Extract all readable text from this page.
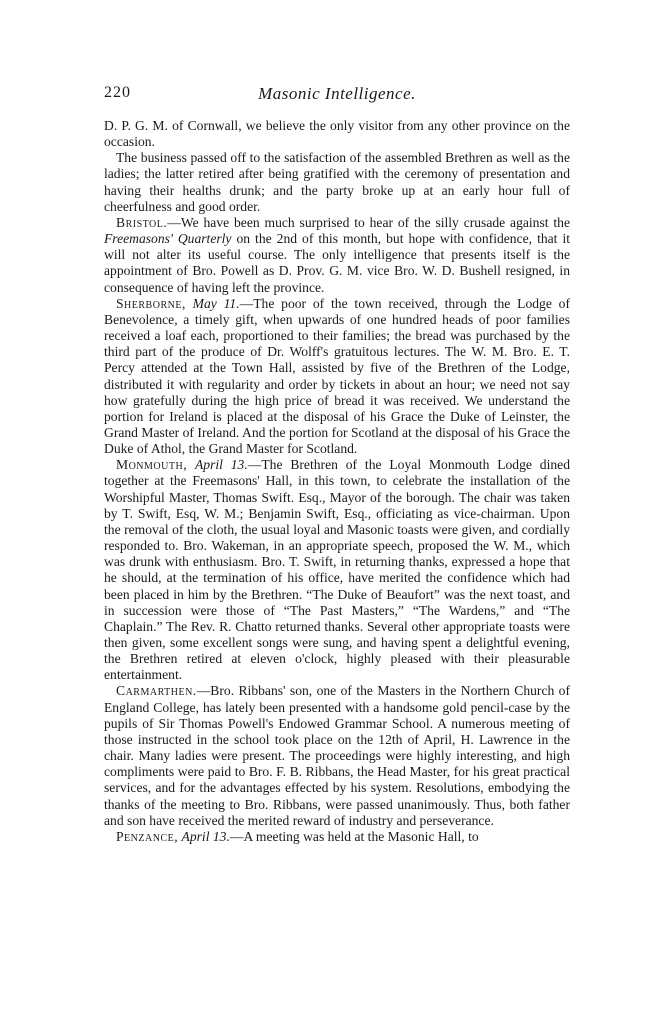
220	Masonic Intelligence.

D. P. G. M. of Cornwall, we believe the only visitor from any other province on the occasion.

The business passed off to the satisfaction of the assembled Brethren as well as the ladies; the latter retired after being gratified with the ceremony of presentation and having their healths drunk; and the party broke up at an early hour full of cheerfulness and good order.

Bristol.—We have been much surprised to hear of the silly crusade against the Freemasons' Quarterly on the 2nd of this month, but hope with confidence, that it will not alter its useful course. The only intelligence that presents itself is the appointment of Bro. Powell as D. Prov. G. M. vice Bro. W. D. Bushell resigned, in consequence of having left the province.

Sherborne, May 11.—The poor of the town received, through the Lodge of Benevolence, a timely gift, when upwards of one hundred heads of poor families received a loaf each, proportioned to their families; the bread was purchased by the third part of the produce of Dr. Wolff's gratuitous lectures. The W. M. Bro. E. T. Percy attended at the Town Hall, assisted by five of the Brethren of the Lodge, distributed it with regularity and order by tickets in about an hour; we need not say how gratefully during the high price of bread it was received. We understand the portion for Ireland is placed at the disposal of his Grace the Duke of Leinster, the Grand Master of Ireland. And the portion for Scotland at the disposal of his Grace the Duke of Athol, the Grand Master for Scotland.

Monmouth, April 13.—The Brethren of the Loyal Monmouth Lodge dined together at the Freemasons' Hall, in this town, to celebrate the installation of the Worshipful Master, Thomas Swift. Esq., Mayor of the borough. The chair was taken by T. Swift, Esq, W. M.; Benjamin Swift, Esq., officiating as vice-chairman. Upon the removal of the cloth, the usual loyal and Masonic toasts were given, and cordially responded to. Bro. Wakeman, in an appropriate speech, proposed the W. M., which was drunk with enthusiasm. Bro. T. Swift, in returning thanks, expressed a hope that he should, at the termination of his office, have merited the confidence which had been placed in him by the Brethren. “The Duke of Beaufort” was the next toast, and in succession were those of “The Past Masters,” “The Wardens,” and “The Chaplain.” The Rev. R. Chatto returned thanks. Several other appropriate toasts were then given, some excellent songs were sung, and having spent a delightful evening, the Brethren retired at eleven o'clock, highly pleased with their pleasurable entertainment.

Carmarthen.—Bro. Ribbans' son, one of the Masters in the Northern Church of England College, has lately been presented with a handsome gold pencil-case by the pupils of Sir Thomas Powell's Endowed Grammar School. A numerous meeting of those instructed in the school took place on the 12th of April, H. Lawrence in the chair. Many ladies were present. The proceedings were highly interesting, and high compliments were paid to Bro. F. B. Ribbans, the Head Master, for his great practical services, and for the advantages effected by his system. Resolutions, embodying the thanks of the meeting to Bro. Ribbans, were passed unanimously. Thus, both father and son have received the merited reward of industry and perseverance.

Penzance, April 13.—A meeting was held at the Masonic Hall, to
